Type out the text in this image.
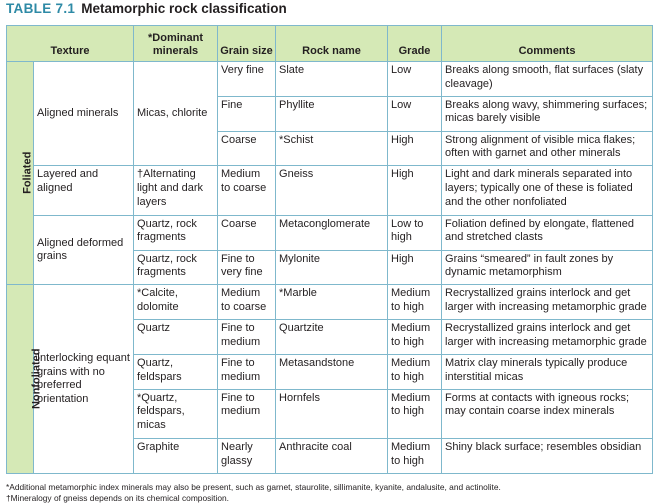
TABLE 7.1 Metamorphic rock classification
Texture		*Dominant minerals	Grain size	Rock name	Grade	Comments
Foliated	Aligned minerals	Micas, chlorite	Very fine	Slate	Low	Breaks along smooth, flat surfaces (slaty cleavage)
			Fine	Phyllite	Low	Breaks along wavy, shimmering surfaces; micas barely visible
			Coarse	*Schist	High	Strong alignment of visible mica flakes; often with garnet and other minerals
	Layered and aligned	†Alternating light and dark layers	Medium to coarse	Gneiss	High	Light and dark minerals separated into layers; typically one of these is foliated and the other nonfoliated
	Aligned deformed grains	Quartz, rock fragments	Coarse	Metaconglomerate	Low to high	Foliation defined by elongate, flattened and stretched clasts
		Quartz, rock fragments	Fine to very fine	Mylonite	High	Grains “smeared” in fault zones by dynamic metamorphism
Nonfoliated	Interlocking equant grains with no preferred orientation	*Calcite, dolomite	Medium to coarse	*Marble	Medium to high	Recrystallized grains interlock and get larger with increasing metamorphic grade
		Quartz	Fine to medium	Quartzite	Medium to high	Recrystallized grains interlock and get larger with increasing metamorphic grade
		Quartz, feldspars	Fine to medium	Metasandstone	Medium to high	Matrix clay minerals typically produce interstitial micas
		*Quartz, feldspars, micas	Fine to medium	Hornfels	Medium to high	Forms at contacts with igneous rocks; may contain coarse index minerals
		Graphite	Nearly glassy	Anthracite coal	Medium to high	Shiny black surface; resembles obsidian
*Additional metamorphic index minerals may also be present, such as garnet, staurolite, sillimanite, kyanite, andalusite, and actinolite.
†Mineralogy of gneiss depends on its chemical composition.
